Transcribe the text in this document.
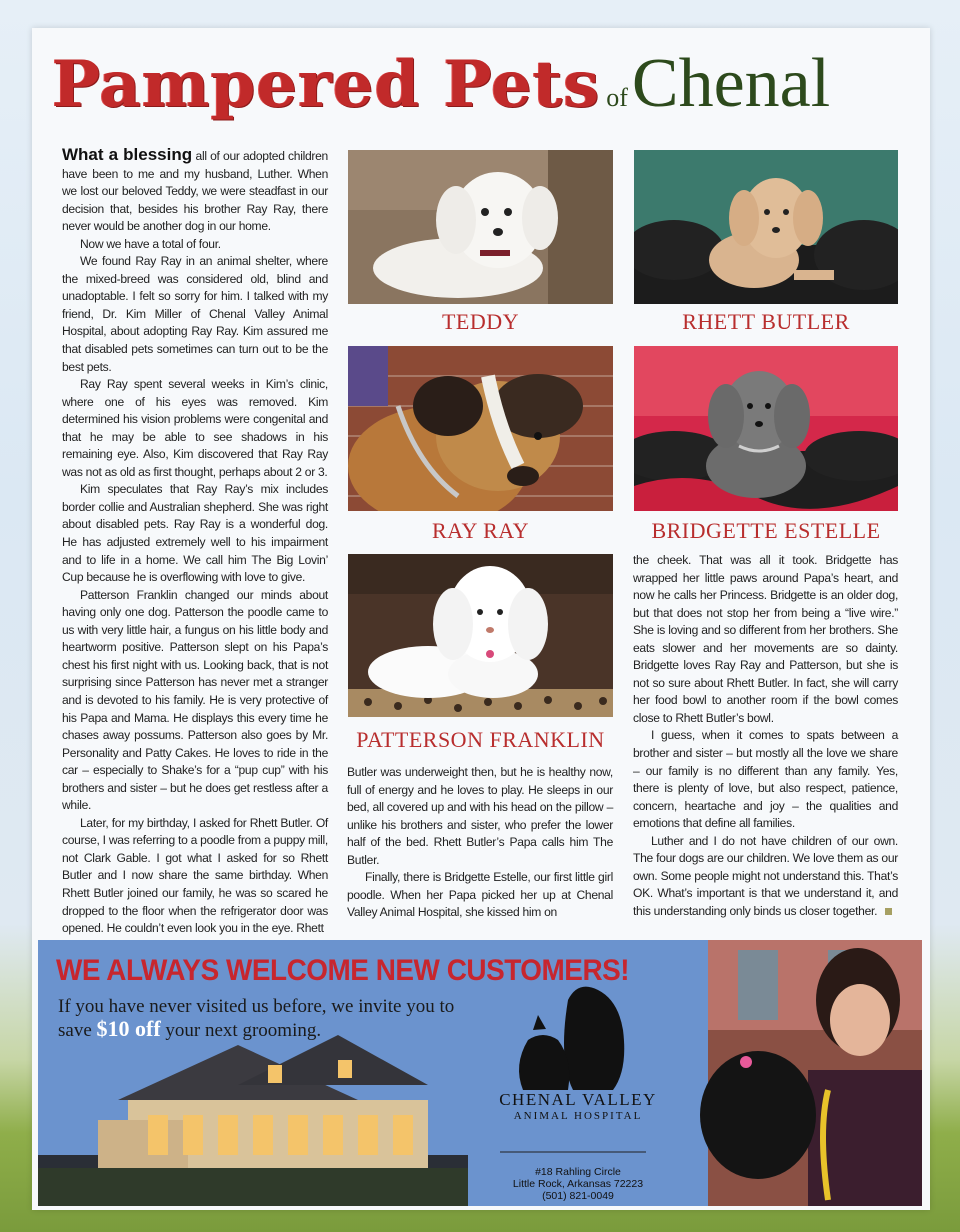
Pampered Pets ofChenal

What a blessing all of our adopted children have been to me and my husband, Luther. When we lost our beloved Teddy, we were steadfast in our decision that, besides his brother Ray Ray, there never would be another dog in our home.

Now we have a total of four.

We found Ray Ray in an animal shelter, where the mixed-breed was considered old, blind and unadoptable. I felt so sorry for him. I talked with my friend, Dr. Kim Miller of Chenal Valley Animal Hospital, about adopting Ray Ray. Kim assured me that disabled pets sometimes can turn out to be the best pets.

Ray Ray spent several weeks in Kim’s clinic, where one of his eyes was removed. Kim determined his vision problems were congenital and that he may be able to see shadows in his remaining eye. Also, Kim discovered that Ray Ray was not as old as first thought, perhaps about 2 or 3.

Kim speculates that Ray Ray’s mix includes border collie and Australian shepherd. She was right about disabled pets. Ray Ray is a wonderful dog. He has adjusted extremely well to his impairment and to life in a home. We call him The Big Lovin’ Cup because he is overflowing with love to give.

Patterson Franklin changed our minds about having only one dog. Patterson the poodle came to us with very little hair, a fungus on his little body and heartworm positive. Patterson slept on his Papa’s chest his first night with us. Looking back, that is not surprising since Patterson has never met a stranger and is devoted to his family. He is very protective of his Papa and Mama. He displays this every time he chases away possums. Patterson also goes by Mr. Personality and Patty Cakes. He loves to ride in the car – especially to Shake’s for a “pup cup” with his brothers and sister – but he does get restless after a while.

Later, for my birthday, I asked for Rhett Butler. Of course, I was referring to a poodle from a puppy mill, not Clark Gable. I got what I asked for so Rhett Butler and I now share the same birthday. When Rhett Butler joined our family, he was so scared he dropped to the floor when the refrigerator door was opened. He couldn’t even look you in the eye. Rhett

TEDDY	RHETT BUTLER
RAY RAY	BRIDGETTE ESTELLE
PATTERSON FRANKLIN

Butler was underweight then, but he is healthy now, full of energy and he loves to play. He sleeps in our bed, all covered up and with his head on the pillow – unlike his brothers and sister, who prefer the lower half of the bed. Rhett Butler’s Papa calls him The Butler.

Finally, there is Bridgette Estelle, our first little girl poodle. When her Papa picked her up at Chenal Valley Animal Hospital, she kissed him on

the cheek. That was all it took. Bridgette has wrapped her little paws around Papa’s heart, and now he calls her Princess. Bridgette is an older dog, but that does not stop her from being a “live wire.” She is loving and so different from her brothers. She eats slower and her movements are so dainty. Bridgette loves Ray Ray and Patterson, but she is not so sure about Rhett Butler. In fact, she will carry her food bowl to another room if the bowl comes close to Rhett Butler’s bowl.

I guess, when it comes to spats between a brother and sister – but mostly all the love we share – our family is no different than any family. Yes, there is plenty of love, but also respect, patience, concern, heartache and joy – the qualities and emotions that define all families.

Luther and I do not have children of our own. The four dogs are our children. We love them as our own. Some people might not understand this. That’s OK. What’s important is that we understand it, and this understanding only binds us closer together.

WE ALWAYS WELCOME NEW CUSTOMERS!
If you have never visited us before, we invite you to save $10 off your next grooming.
CHENAL VALLEY
ANIMAL HOSPITAL
#18 Rahling Circle
Little Rock, Arkansas 72223
(501) 821-0049
